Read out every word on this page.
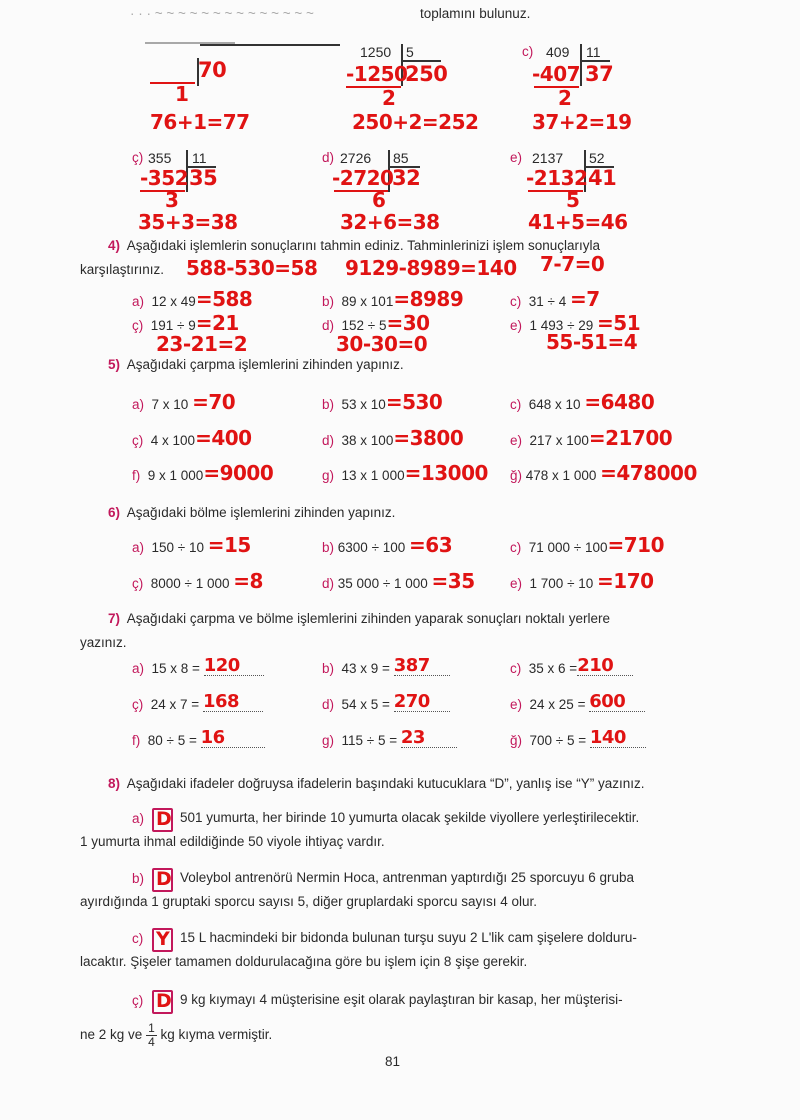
· · · ~ ~ ~ ~ ~ ~ ~ ~ ~ ~ ~ ~ ~ ~	toplamını bulunuz.
70
1
76+1=77
1250 5
-1250
250
2
250+2=252
c) 409 11
-407 37
2
37+2=19
ç) 355 11
-352 35
3
35+3=38
d) 2726 85
-2720
32
6
32+6=38
e) 2137 52
-2132 41
5
41+5=46
4) Aşağıdaki işlemlerin sonuçlarını tahmin ediniz. Tahminlerinizi işlem sonuçlarıyla
karşılaştırınız. 588-530=58 9129-8989=140 7-7=0
a) 12 x 49=588	b) 89 x 101=8989	c) 31 ÷ 4 =7
ç) 191 ÷ 9=21	d) 152 ÷ 5=30	e) 1 493 ÷ 29 =51
23-21=2	30-30=0	55-51=4
5) Aşağıdaki çarpma işlemlerini zihinden yapınız.
a) 7 x 10 =70	b) 53 x 10=530	c) 648 x 10 =6480
ç) 4 x 100=400	d) 38 x 100=3800	e) 217 x 100=21700
f) 9 x 1 000=9000	g) 13 x 1 000=13000 ğ) 478 x 1 000 =478000
6) Aşağıdaki bölme işlemlerini zihinden yapınız.
a) 150 ÷ 10 =15	b) 6300 ÷ 100 =63	c) 71 000 ÷ 100=710
ç) 8000 ÷ 1 000 =8	d) 35 000 ÷ 1 000 =35	e) 1 700 ÷ 10 =170
7) Aşağıdaki çarpma ve bölme işlemlerini zihinden yaparak sonuçları noktalı yerlere
yazınız.
a) 15 x 8 = 120	b) 43 x 9 = 387	c) 35 x 6 =210
ç) 24 x 7 = 168	d) 54 x 5 = 270	e) 24 x 25 = 600
f) 80 ÷ 5 = 16	g) 115 ÷ 5 = 23	ğ) 700 ÷ 5 = 140
8) Aşağıdaki ifadeler doğruysa ifadelerin başındaki kutucuklara “D”, yanlış ise “Y” yazınız.
a) D 501 yumurta, her birinde 10 yumurta olacak şekilde viyollere yerleştirilecektir.
1 yumurta ihmal edildiğinde 50 viyole ihtiyaç vardır.
b) D Voleybol antrenörü Nermin Hoca, antrenman yaptırdığı 25 sporcuyu 6 gruba
ayırdığında 1 gruptaki sporcu sayısı 5, diğer gruplardaki sporcu sayısı 4 olur.
c) Y 15 L hacmindeki bir bidonda bulunan turşu suyu 2 L'lik cam şişelere dolduru-
lacaktır. Şişeler tamamen doldurulacağına göre bu işlem için 8 şişe gerekir.
ç) D 9 kg kıymayı 4 müşterisine eşit olarak paylaştıran bir kasap, her müşterisi-
ne 2 kg ve $\frac{1}{4}$ kg kıyma vermiştir.
81
